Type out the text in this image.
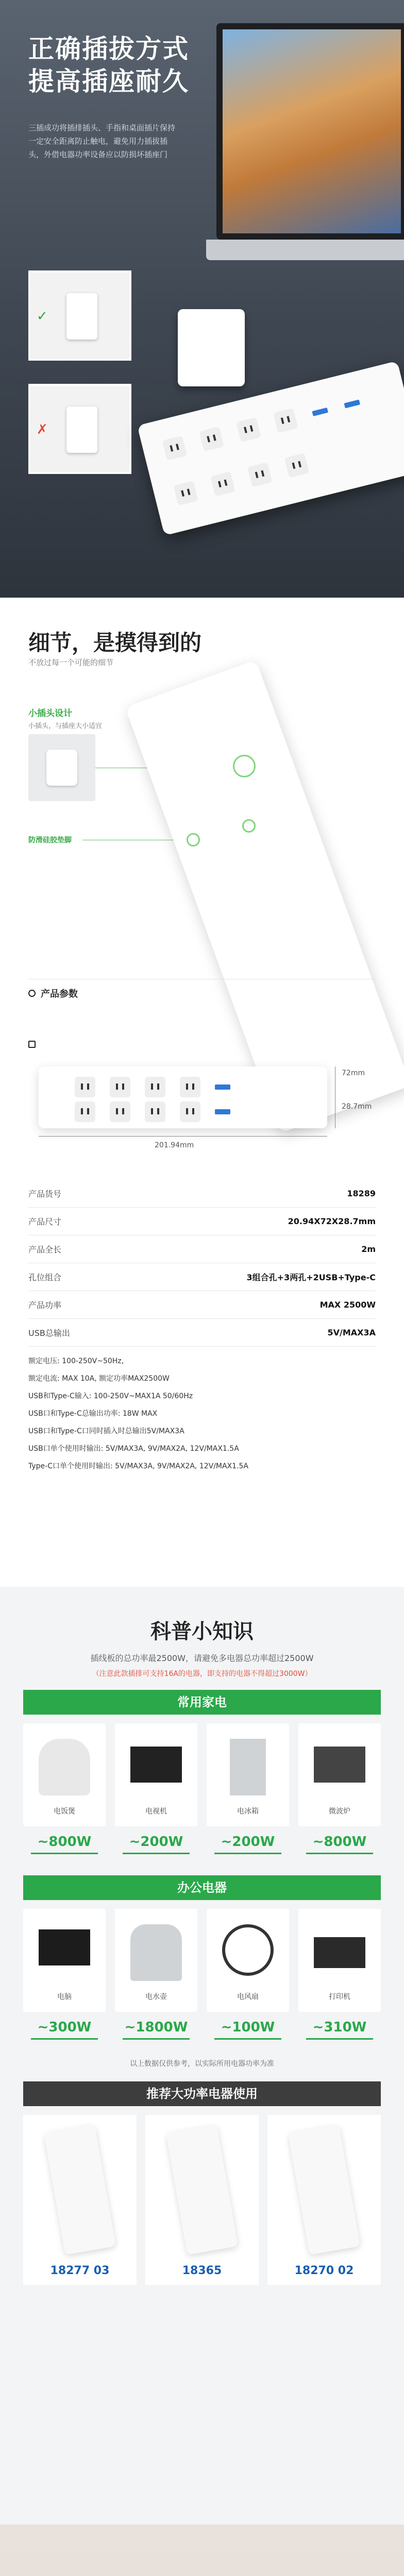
正确插拔方式
提高插座耐久
三插成功将插排插头、手指和桌面插片保持一定安全距离防止触电，避免用力插拔插头，外借电器功率设备应以防损坏插座门
✓
✗
细节，是摸得到的
不放过每一个可能的细节
小插头设计
小插头，与插座大小适宜
防滑硅胶垫脚
产品参数
201.94mm
72mm
28.7mm
产品货号	18289
产品尺寸	20.94X72X28.7mm
产品全长	2m
孔位组合	3组合孔+3两孔+2USB+Type-C
产品功率	MAX 2500W
USB总输出	5V/MAX3A
额定电压: 100-250V~50Hz，
额定电流: MAX 10A, 额定功率MAX2500W
USB和Type-C输入: 100-250V~MAX1A 50/60Hz
USB口和Type-C总输出功率: 18W MAX
USB口和Type-C口同时插入时总输出5V/MAX3A
USB口单个使用时输出: 5V/MAX3A, 9V/MAX2A, 12V/MAX1.5A
Type-C口单个使用时输出: 5V/MAX3A, 9V/MAX2A, 12V/MAX1.5A
科普小知识
插线板的总功率最2500W，请避免多电器总功率超过2500W
（注意此款插排可支持16A的电器，即支持的电器不得超过3000W）
常用家电
电饭煲	电视机	电冰箱	微波炉
~800W	~200W	~200W	~800W
办公电器
电脑	电水壶	电风扇	打印机
~300W	~1800W	~100W	~310W
以上数据仅供参考，以实际所用电器功率为准
推荐大功率电器使用
18277 03	18365	18270 02
